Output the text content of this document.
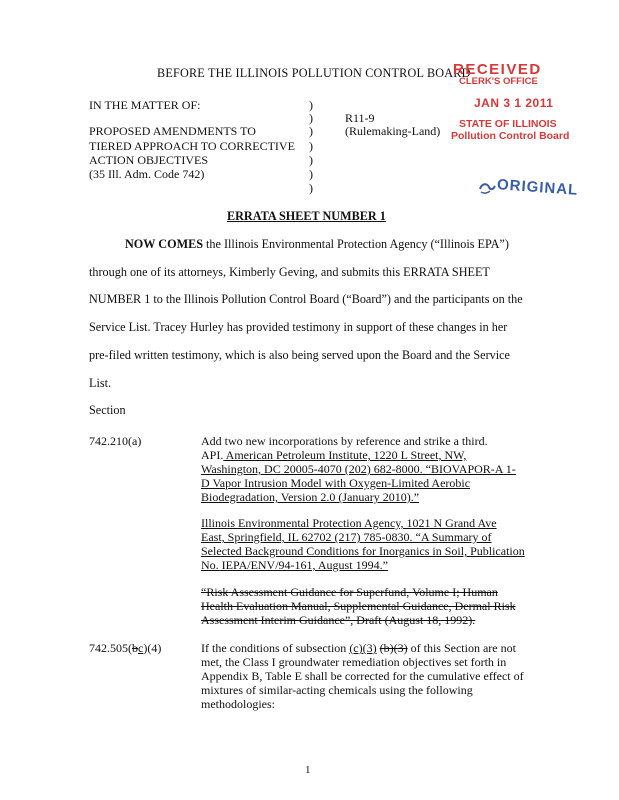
BEFORE THE ILLINOIS POLLUTION CONTROL BOARD
IN THE MATTER OF:
PROPOSED AMENDMENTS TO
TIERED APPROACH TO CORRECTIVE
ACTION OBJECTIVES
(35 Ill. Adm. Code 742)
)
)
)
)
)
)
)
R11-9
(Rulemaking-Land)
RECEIVED
CLERK'S OFFICE
JAN 3 1 2011
STATE OF ILLINOIS
Pollution Control Board
ORIGINAL
ERRATA SHEET NUMBER 1
NOW COMES the Illinois Environmental Protection Agency (“Illinois EPA”)
through one of its attorneys, Kimberly Geving, and submits this ERRATA SHEET
NUMBER 1 to the Illinois Pollution Control Board (“Board”) and the participants on the
Service List. Tracey Hurley has provided testimony in support of these changes in her
pre-filed written testimony, which is also being served upon the Board and the Service
List.
Section
742.210(a)	Add two new incorporations by reference and strike a third.
API. American Petroleum Institute, 1220 L Street, NW,
Washington, DC 20005-4070 (202) 682-8000. “BIOVAPOR-A 1-
D Vapor Intrusion Model with Oxygen-Limited Aerobic
Biodegradation, Version 2.0 (January 2010).”
Illinois Environmental Protection Agency, 1021 N Grand Ave
East, Springfield, IL 62702 (217) 785-0830. “A Summary of
Selected Background Conditions for Inorganics in Soil, Publication
No. IEPA/ENV/94-161, August 1994.”
“Risk Assessment Guidance for Superfund, Volume I; Human
Health Evaluation Manual, Supplemental Guidance, Dermal Risk
Assessment Interim Guidance”, Draft (August 18, 1992).
742.505(bc)(4)	If the conditions of subsection (c)(3) (b)(3) of this Section are not
met, the Class I groundwater remediation objectives set forth in
Appendix B, Table E shall be corrected for the cumulative effect of
mixtures of similar-acting chemicals using the following
methodologies:
1
